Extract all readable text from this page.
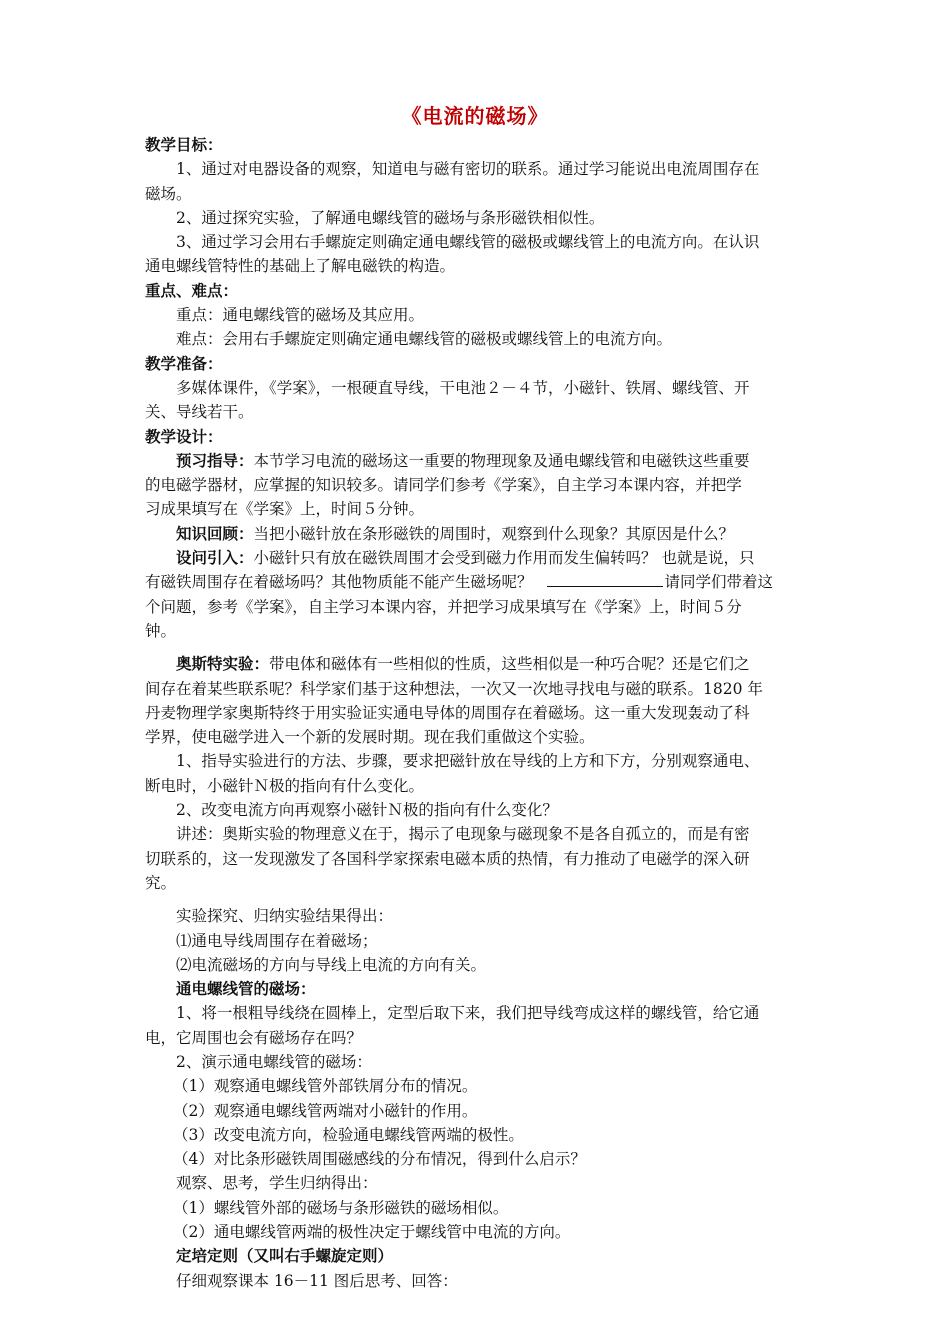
《电流的磁场》
教学目标：
1、通过对电器设备的观察，知道电与磁有密切的联系。通过学习能说出电流周围存在
磁场。
2、通过探究实验，了解通电螺线管的磁场与条形磁铁相似性。
3、通过学习会用右手螺旋定则确定通电螺线管的磁极或螺线管上的电流方向。在认识
通电螺线管特性的基础上了解电磁铁的构造。
重点、难点：
重点：通电螺线管的磁场及其应用。
难点：会用右手螺旋定则确定通电螺线管的磁极或螺线管上的电流方向。
教学准备：
多媒体课件，《学案》，一根硬直导线，干电池２－４节，小磁针、铁屑、螺线管、开
关、导线若干。
教学设计：
预习指导：本节学习电流的磁场这一重要的物理现象及通电螺线管和电磁铁这些重要
的电磁学器材，应掌握的知识较多。请同学们参考《学案》，自主学习本课内容，并把学
习成果填写在《学案》上，时间５分钟。
知识回顾：当把小磁针放在条形磁铁的周围时，观察到什么现象？其原因是什么？
设问引入：小磁针只有放在磁铁周围才会受到磁力作用而发生偏转吗？ 也就是说，只
有磁铁周围存在着磁场吗？其他物质能不能产生磁场呢？	请同学们带着这
个问题，参考《学案》，自主学习本课内容，并把学习成果填写在《学案》上，时间５分
钟。
奥斯特实验：带电体和磁体有一些相似的性质，这些相似是一种巧合呢？还是它们之
间存在着某些联系呢？科学家们基于这种想法，一次又一次地寻找电与磁的联系。1820 年
丹麦物理学家奥斯特终于用实验证实通电导体的周围存在着磁场。这一重大发现轰动了科
学界，使电磁学进入一个新的发展时期。现在我们重做这个实验。
1、指导实验进行的方法、步骤，要求把磁针放在导线的上方和下方，分别观察通电、
断电时，小磁针Ｎ极的指向有什么变化。
2、改变电流方向再观察小磁针Ｎ极的指向有什么变化？
讲述：奥斯实验的物理意义在于，揭示了电现象与磁现象不是各自孤立的，而是有密
切联系的，这一发现激发了各国科学家探索电磁本质的热情，有力推动了电磁学的深入研
究。
实验探究、归纳实验结果得出：
⑴通电导线周围存在着磁场；
⑵电流磁场的方向与导线上电流的方向有关。
通电螺线管的磁场：
1、将一根粗导线绕在圆棒上，定型后取下来，我们把导线弯成这样的螺线管，给它通
电，它周围也会有磁场存在吗？
2、演示通电螺线管的磁场：
（1）观察通电螺线管外部铁屑分布的情况。
（2）观察通电螺线管两端对小磁针的作用。
（3）改变电流方向，检验通电螺线管两端的极性。
（4）对比条形磁铁周围磁感线的分布情况，得到什么启示？
观察、思考，学生归纳得出：
（1）螺线管外部的磁场与条形磁铁的磁场相似。
（2）通电螺线管两端的极性决定于螺线管中电流的方向。
定培定则（又叫右手螺旋定则）
仔细观察课本 16－11 图后思考、回答：
